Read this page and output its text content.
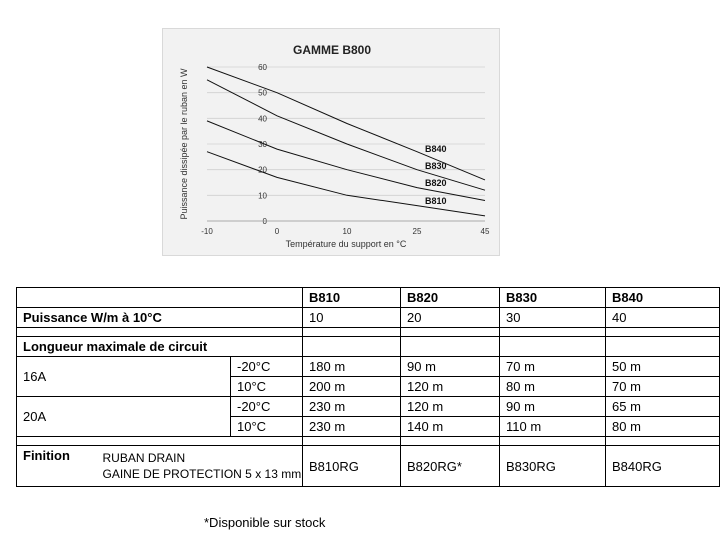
GAMME B800
0
10
20
30
40
50
60
-10	0	10	25	45
Température du support en °C
Puissance dissipée par le ruban en W	B840
B830
B820
B810
			B810	B820	B830	B840
Puissance W/m à 10°C			10	20	30	40

Longueur maximale de circuit						
16A		-20°C	180 m	90 m	70 m	50 m
		10°C	200 m	120 m	80 m	70 m
20A		-20°C	230 m	120 m	90 m	65 m
		10°C	230 m	140 m	110 m	80 m

Finition	RUBAN DRAIN
GAINE DE PROTECTION 5 x 13 mm		B810RG	B820RG*	B830RG	B840RG
*Disponible sur stock
